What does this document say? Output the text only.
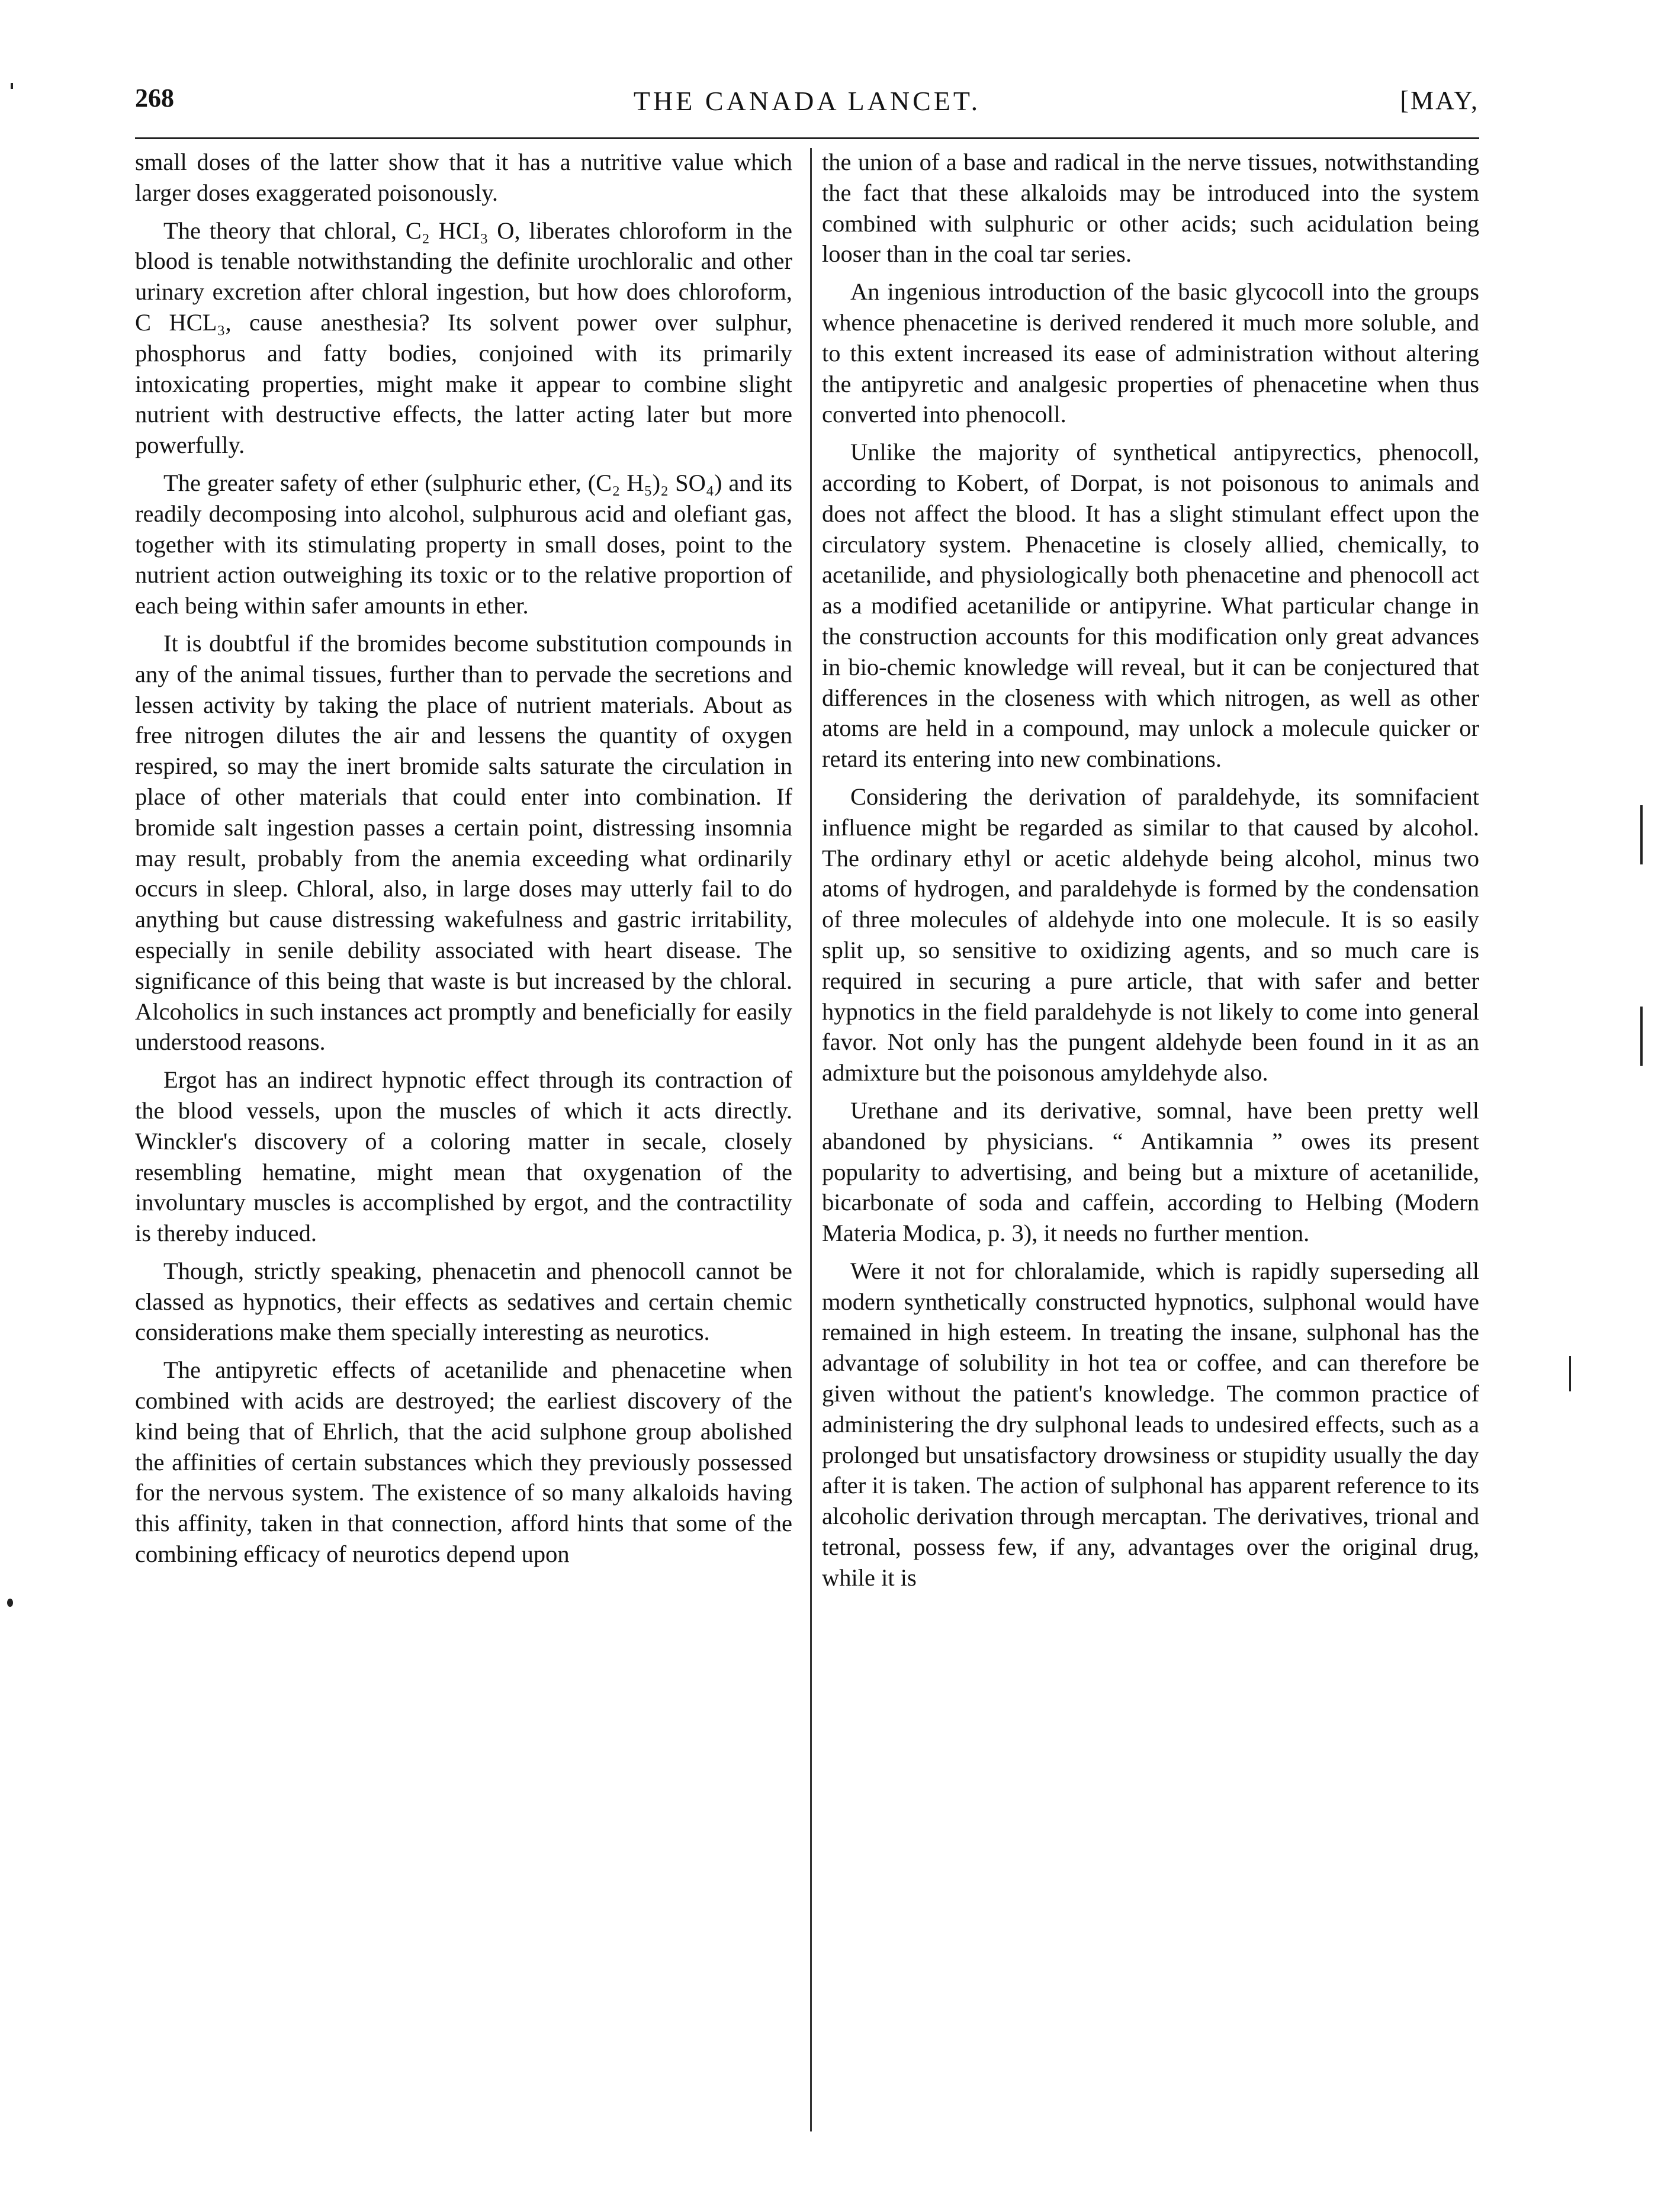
268	THE CANADA LANCET.	[MAY,

small doses of the latter show that it has a nutritive value which larger doses exaggerated poisonously.

The theory that chloral, C₂ HCI₃ O, liberates chloroform in the blood is tenable notwithstanding the definite urochloralic and other urinary excretion after chloral ingestion, but how does chloroform, C HCL₃, cause anesthesia? Its solvent power over sulphur, phosphorus and fatty bodies, conjoined with its primarily intoxicating properties, might make it appear to combine slight nutrient with destructive effects, the latter acting later but more powerfully.

The greater safety of ether (sulphuric ether, (C₂ H₅)₂ SO₄) and its readily decomposing into alcohol, sulphurous acid and olefiant gas, together with its stimulating property in small doses, point to the nutrient action outweighing its toxic or to the relative proportion of each being within safer amounts in ether.

It is doubtful if the bromides become substitution compounds in any of the animal tissues, further than to pervade the secretions and lessen activity by taking the place of nutrient materials. About as free nitrogen dilutes the air and lessens the quantity of oxygen respired, so may the inert bromide salts saturate the circulation in place of other materials that could enter into combination. If bromide salt ingestion passes a certain point, distressing insomnia may result, probably from the anemia exceeding what ordinarily occurs in sleep. Chloral, also, in large doses may utterly fail to do anything but cause distressing wakefulness and gastric irritability, especially in senile debility associated with heart disease. The significance of this being that waste is but increased by the chloral. Alcoholics in such instances act promptly and beneficially for easily understood reasons.

Ergot has an indirect hypnotic effect through its contraction of the blood vessels, upon the muscles of which it acts directly. Winckler's discovery of a coloring matter in secale, closely resembling hematine, might mean that oxygenation of the involuntary muscles is accomplished by ergot, and the contractility is thereby induced.

Though, strictly speaking, phenacetin and phenocoll cannot be classed as hypnotics, their effects as sedatives and certain chemic considerations make them specially interesting as neurotics.

The antipyretic effects of acetanilide and phenacetine when combined with acids are destroyed; the earliest discovery of the kind being that of Ehrlich, that the acid sulphone group abolished the affinities of certain substances which they previously possessed for the nervous system. The existence of so many alkaloids having this affinity, taken in that connection, afford hints that some of the combining efficacy of neurotics depend upon

the union of a base and radical in the nerve tissues, notwithstanding the fact that these alkaloids may be introduced into the system combined with sulphuric or other acids; such acidulation being looser than in the coal tar series.

An ingenious introduction of the basic glycocoll into the groups whence phenacetine is derived rendered it much more soluble, and to this extent increased its ease of administration without altering the antipyretic and analgesic properties of phenacetine when thus converted into phenocoll.

Unlike the majority of synthetical antipyrectics, phenocoll, according to Kobert, of Dorpat, is not poisonous to animals and does not affect the blood. It has a slight stimulant effect upon the circulatory system. Phenacetine is closely allied, chemically, to acetanilide, and physiologically both phenacetine and phenocoll act as a modified acetanilide or antipyrine. What particular change in the construction accounts for this modification only great advances in bio-chemic knowledge will reveal, but it can be conjectured that differences in the closeness with which nitrogen, as well as other atoms are held in a compound, may unlock a molecule quicker or retard its entering into new combinations.

Considering the derivation of paraldehyde, its somnifacient influence might be regarded as similar to that caused by alcohol. The ordinary ethyl or acetic aldehyde being alcohol, minus two atoms of hydrogen, and paraldehyde is formed by the condensation of three molecules of aldehyde into one molecule. It is so easily split up, so sensitive to oxidizing agents, and so much care is required in securing a pure article, that with safer and better hypnotics in the field paraldehyde is not likely to come into general favor. Not only has the pungent aldehyde been found in it as an admixture but the poisonous amyldehyde also.

Urethane and its derivative, somnal, have been pretty well abandoned by physicians. “ Antikamnia ” owes its present popularity to advertising, and being but a mixture of acetanilide, bicarbonate of soda and caffein, according to Helbing (Modern Materia Modica, p. 3), it needs no further mention.

Were it not for chloralamide, which is rapidly superseding all modern synthetically constructed hypnotics, sulphonal would have remained in high esteem. In treating the insane, sulphonal has the advantage of solubility in hot tea or coffee, and can therefore be given without the patient's knowledge. The common practice of administering the dry sulphonal leads to undesired effects, such as a prolonged but unsatisfactory drowsiness or stupidity usually the day after it is taken. The action of sulphonal has apparent reference to its alcoholic derivation through mercaptan. The derivatives, trional and tetronal, possess few, if any, advantages over the original drug, while it is
